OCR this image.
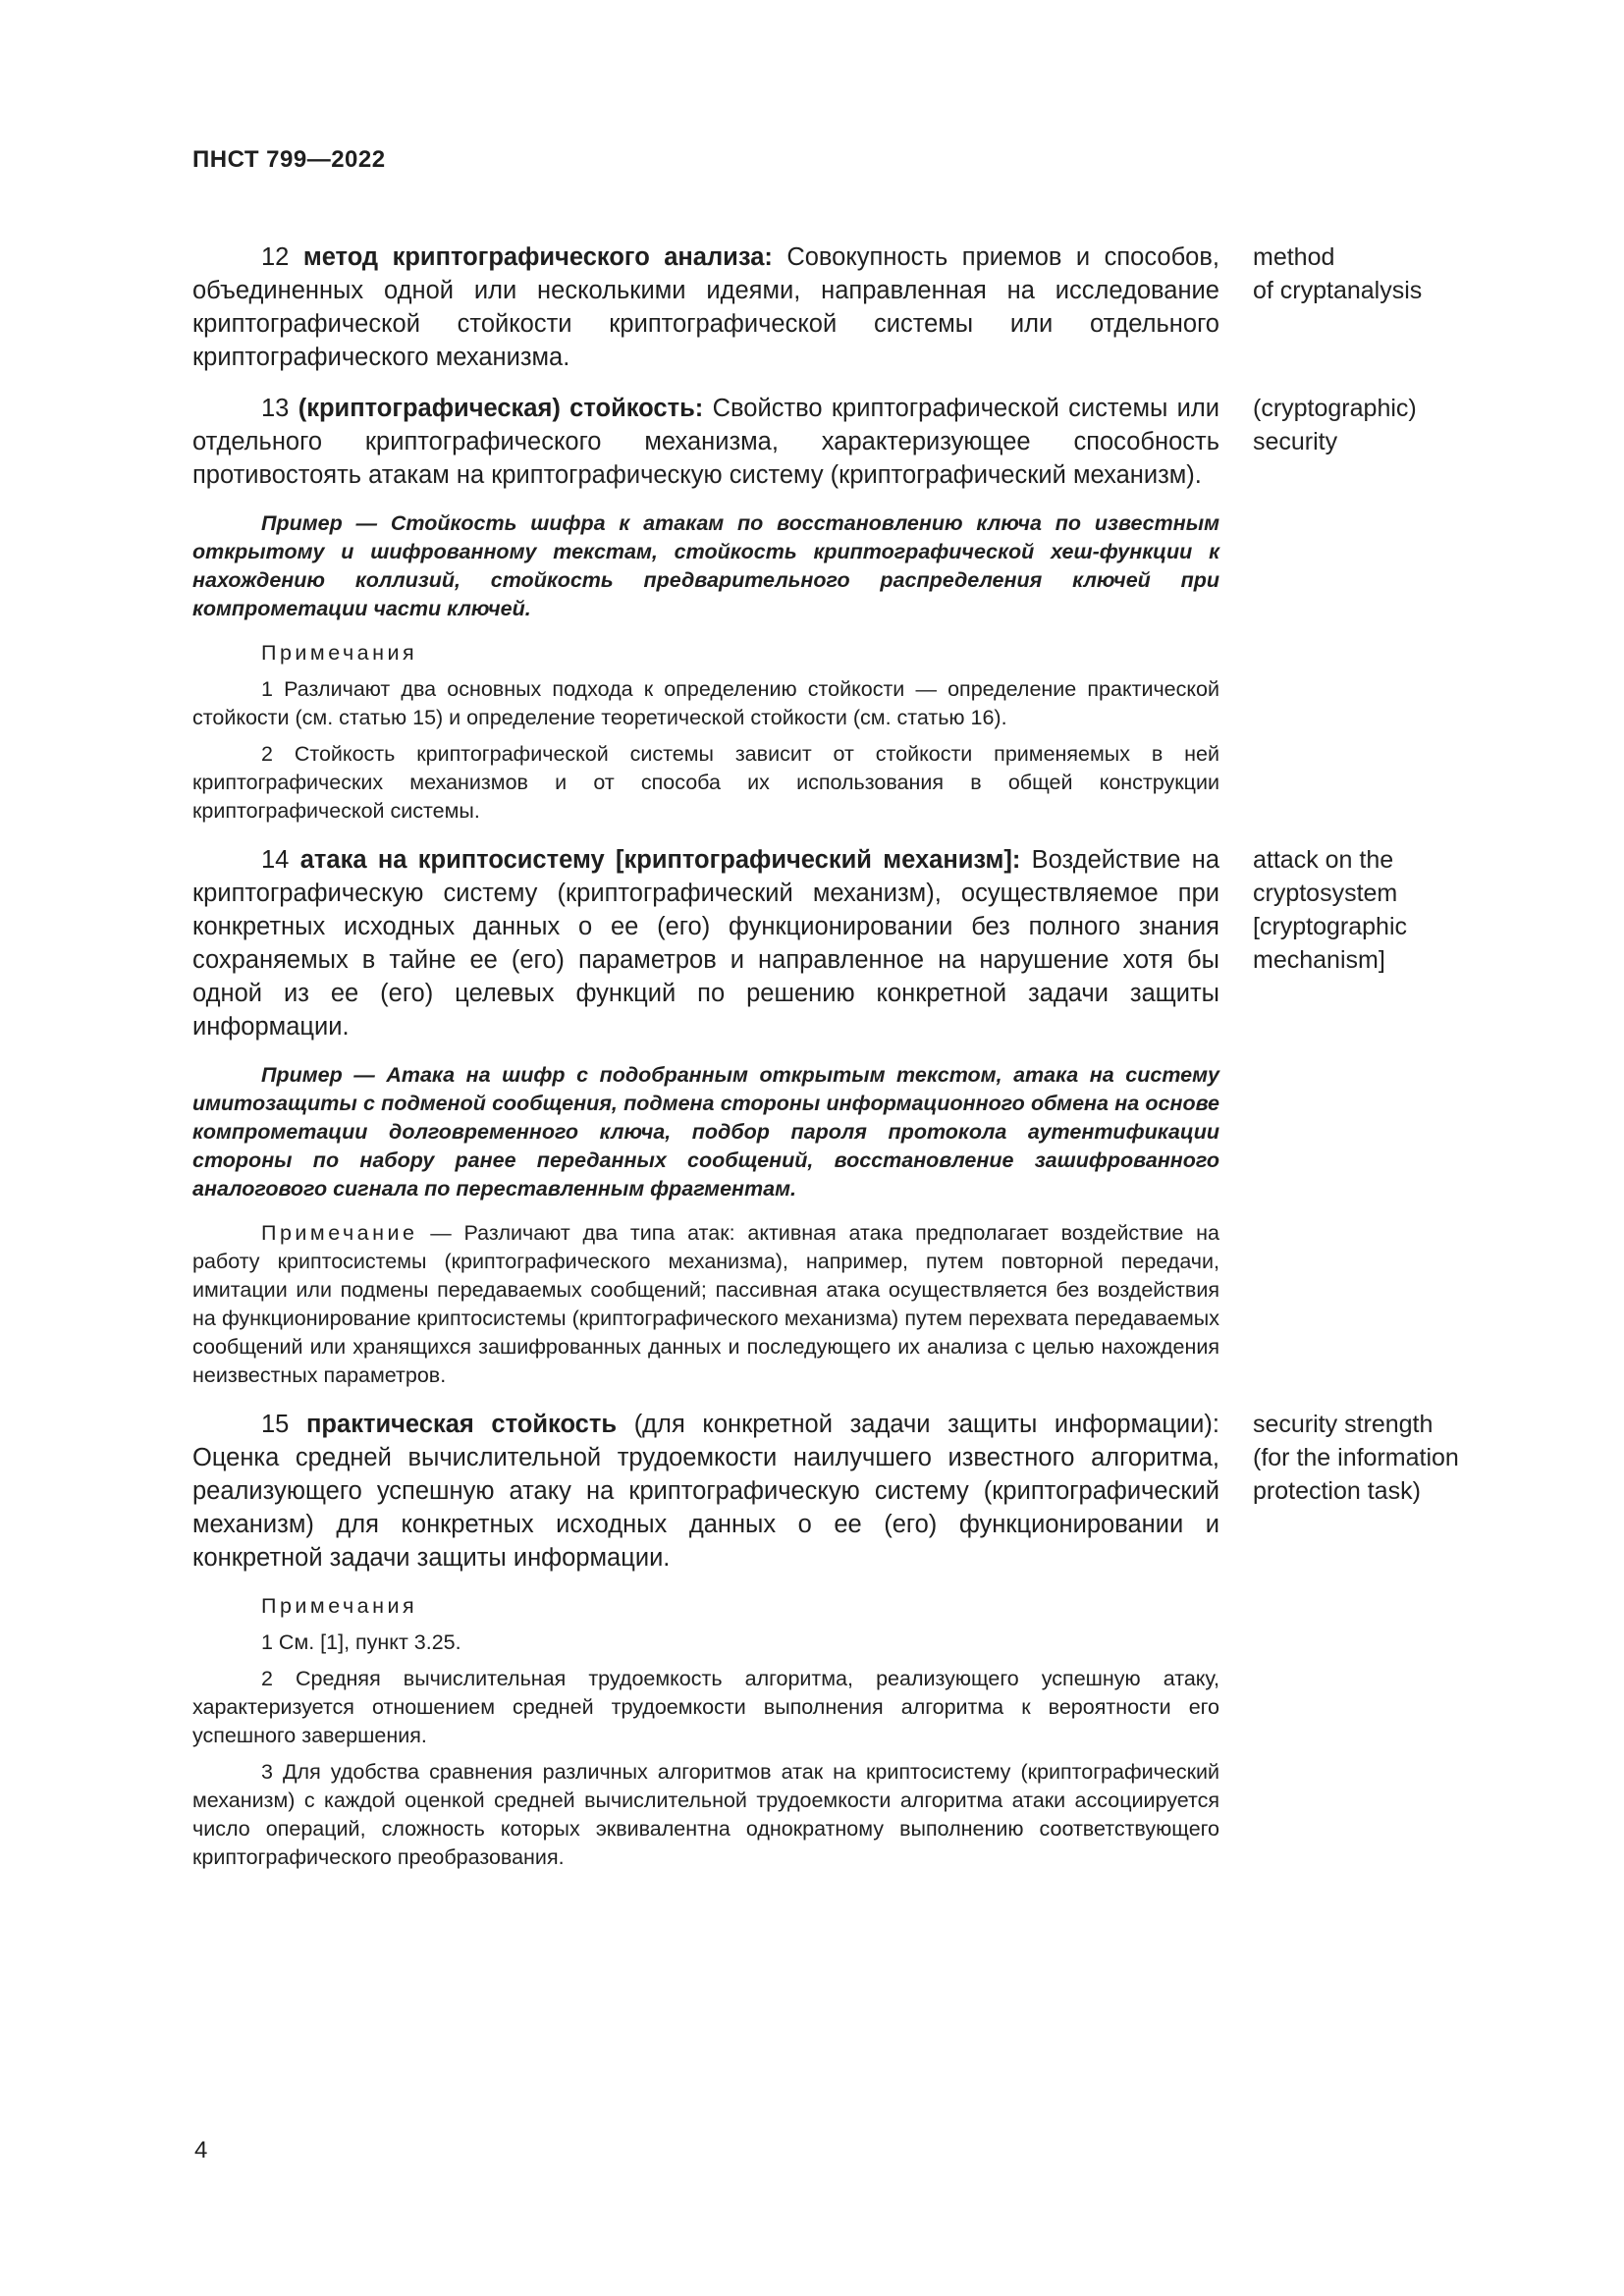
ПНСТ 799—2022

12 метод криптографического анализа: Совокупность приемов и способов, объединенных одной или несколькими идеями, направленная на исследование криптографической стойкости криптографической системы или отдельного криптографического механизма.

method
of cryptanalysis

13 (криптографическая) стойкость: Свойство криптографической системы или отдельного криптографического механизма, характеризующее способность противостоять атакам на криптографическую систему (криптографический механизм).

Пример — Стойкость шифра к атакам по восстановлению ключа по известным открытому и шифрованному текстам, стойкость криптографической хеш-функции к нахождению коллизий, стойкость предварительного распределения ключей при компрометации части ключей.

Примечания

1 Различают два основных подхода к определению стойкости — определение практической стойкости (см. статью 15) и определение теоретической стойкости (см. статью 16).

2 Стойкость криптографической системы зависит от стойкости применяемых в ней криптографических механизмов и от способа их использования в общей конструкции криптографической системы.

(cryptographic)
security

14 атака на криптосистему [криптографический механизм]: Воздействие на криптографическую систему (криптографический механизм), осуществляемое при конкретных исходных данных о ее (его) функционировании без полного знания сохраняемых в тайне ее (его) параметров и направленное на нарушение хотя бы одной из ее (его) целевых функций по решению конкретной задачи защиты информации.

Пример — Атака на шифр с подобранным открытым текстом, атака на систему имитозащиты с подменой сообщения, подмена стороны информационного обмена на основе компрометации долговременного ключа, подбор пароля протокола аутентификации стороны по набору ранее переданных сообщений, восстановление зашифрованного аналогового сигнала по переставленным фрагментам.

Примечание — Различают два типа атак: активная атака предполагает воздействие на работу криптосистемы (криптографического механизма), например, путем повторной передачи, имитации или подмены передаваемых сообщений; пассивная атака осуществляется без воздействия на функционирование криптосистемы (криптографического механизма) путем перехвата передаваемых сообщений или хранящихся зашифрованных данных и последующего их анализа с целью нахождения неизвестных параметров.

attack on the
cryptosystem
[cryptographic
mechanism]

15 практическая стойкость (для конкретной задачи защиты информации): Оценка средней вычислительной трудоемкости наилучшего известного алгоритма, реализующего успешную атаку на криптографическую систему (криптографический механизм) для конкретных исходных данных о ее (его) функционировании и конкретной задачи защиты информации.

Примечания

1 См. [1], пункт 3.25.

2 Средняя вычислительная трудоемкость алгоритма, реализующего успешную атаку, характеризуется отношением средней трудоемкости выполнения алгоритма к вероятности его успешного завершения.

3 Для удобства сравнения различных алгоритмов атак на криптосистему (криптографический механизм) с каждой оценкой средней вычислительной трудоемкости алгоритма атаки ассоциируется число операций, сложность которых эквивалентна однократному выполнению соответствующего криптографического преобразования.

security strength
(for the information
protection task)
4
